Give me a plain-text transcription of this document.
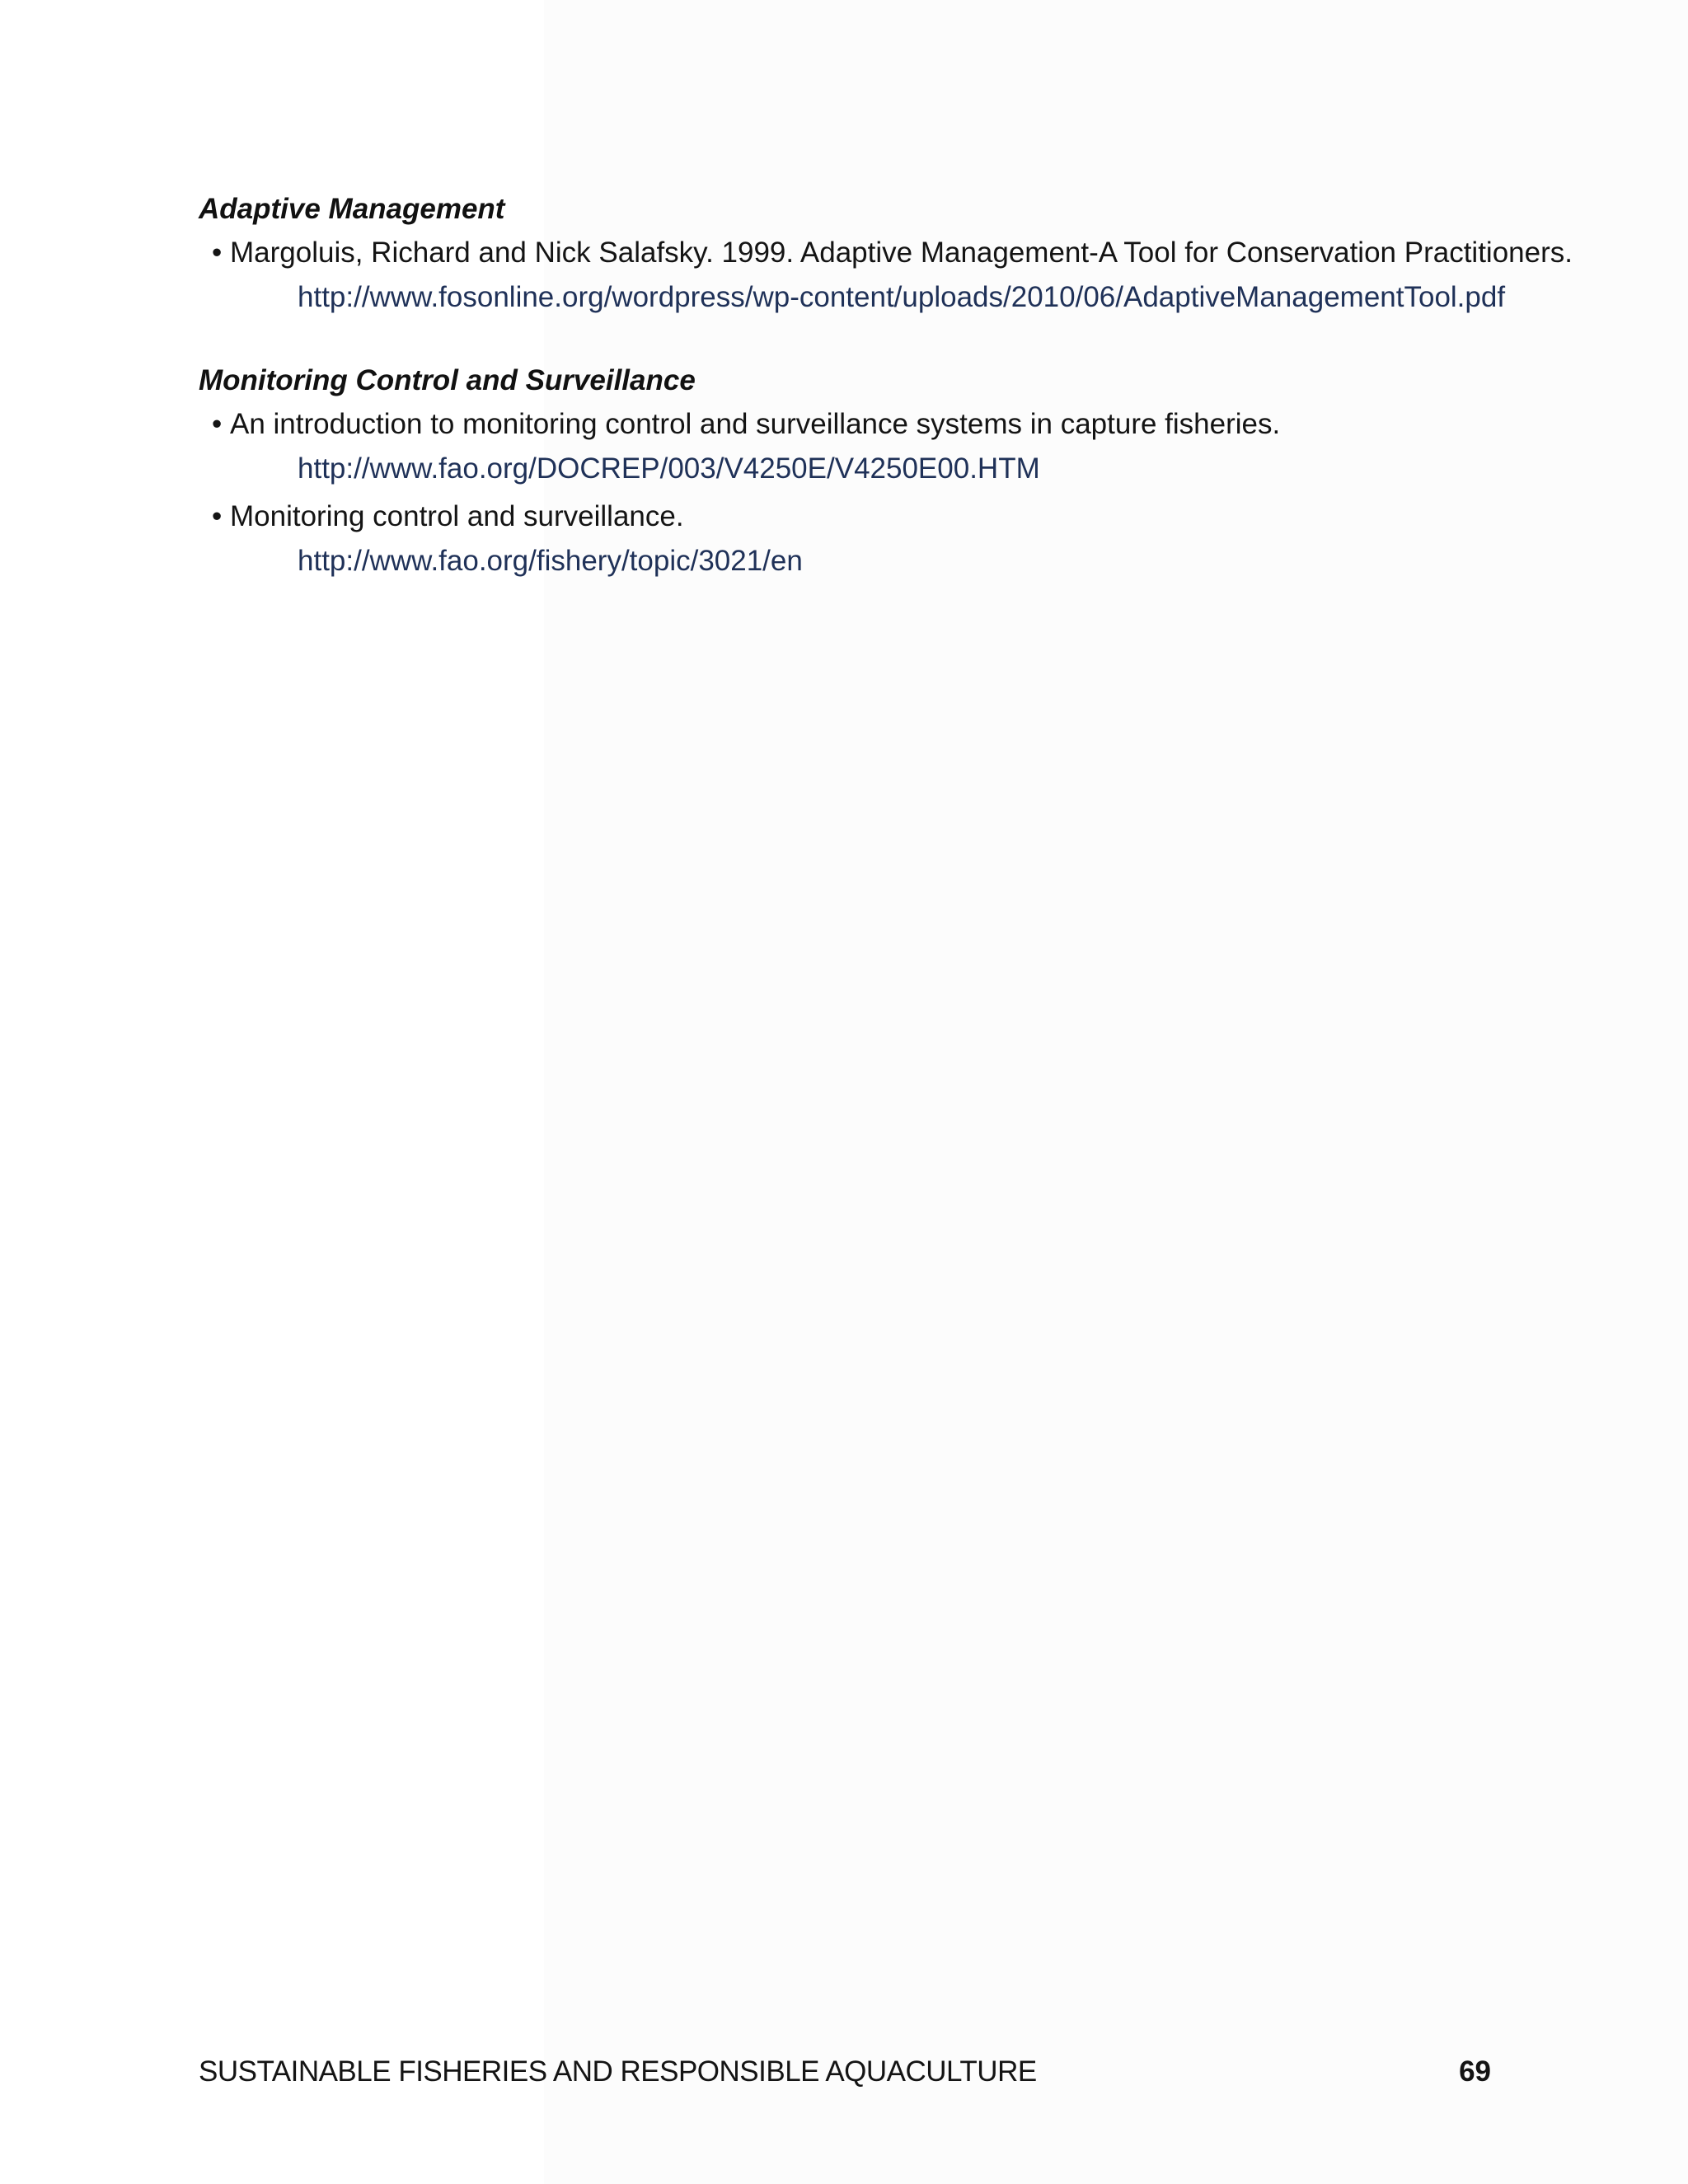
Adaptive Management
• Margoluis, Richard and Nick Salafsky. 1999. Adaptive Management-A Tool for Conservation Practitioners.
http://www.fosonline.org/wordpress/wp-content/uploads/2010/06/AdaptiveManagementTool.pdf
Monitoring Control and Surveillance
• An introduction to monitoring control and surveillance systems in capture fisheries.
http://www.fao.org/DOCREP/003/V4250E/V4250E00.HTM
• Monitoring control and surveillance.
http://www.fao.org/fishery/topic/3021/en
SUSTAINABLE FISHERIES AND RESPONSIBLE AQUACULTURE	69
